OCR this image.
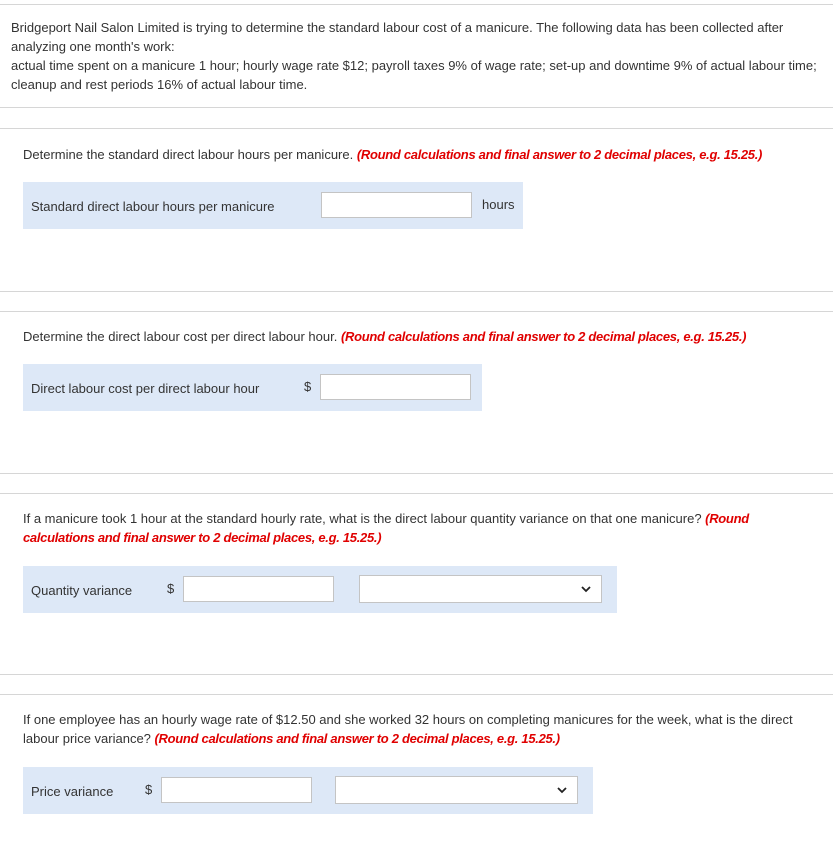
Bridgeport Nail Salon Limited is trying to determine the standard labour cost of a manicure. The following data has been collected after analyzing one month's work:

actual time spent on a manicure 1 hour; hourly wage rate $12; payroll taxes 9% of wage rate; set-up and downtime 9% of actual labour time; cleanup and rest periods 16% of actual labour time.

Determine the standard direct labour hours per manicure. (Round calculations and final answer to 2 decimal places, e.g. 15.25.)
Standard direct labour hours per manicure	hours
Determine the direct labour cost per direct labour hour. (Round calculations and final answer to 2 decimal places, e.g. 15.25.)
Direct labour cost per direct labour hour	$
If a manicure took 1 hour at the standard hourly rate, what is the direct labour quantity variance on that one manicure? (Round calculations and final answer to 2 decimal places, e.g. 15.25.)
Quantity variance	$
If one employee has an hourly wage rate of $12.50 and she worked 32 hours on completing manicures for the week, what is the direct labour price variance? (Round calculations and final answer to 2 decimal places, e.g. 15.25.)
Price variance $
